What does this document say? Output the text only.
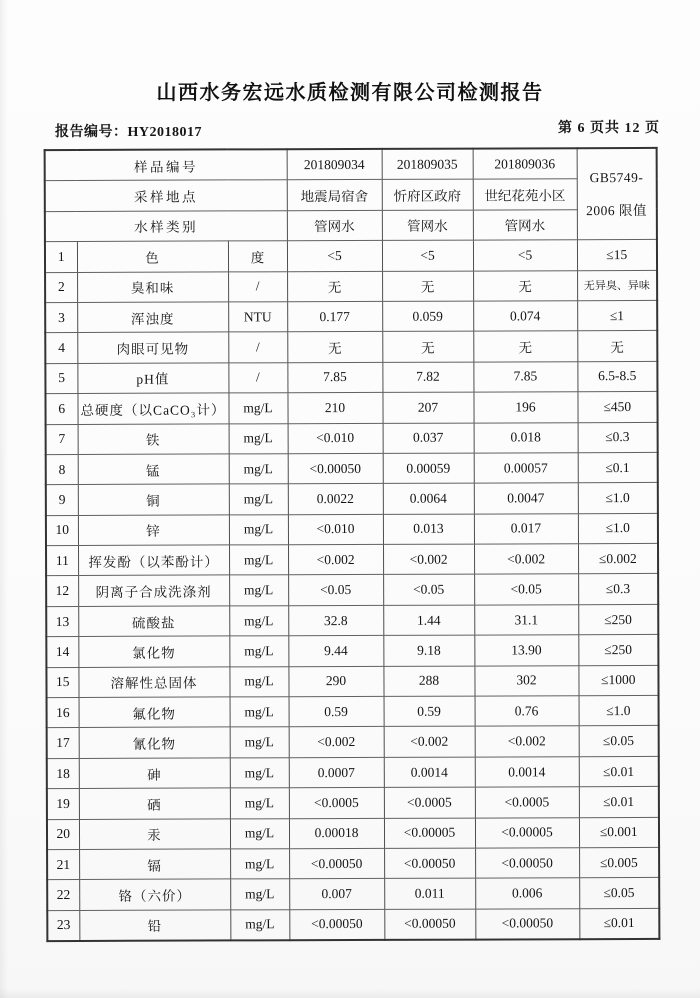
山西水务宏远水质检测有限公司检测报告
报告编号：HY2018017	第 6 页共 12 页
样品编号			201809034	201809035	201809036	GB5749-
2006 限值

采样地点			地震局宿舍	忻府区政府	世纪花苑小区	
水样类别			管网水	管网水	管网水	
1	色	度	<5	<5	<5	≤15
2	臭和味	/	无	无	无	无异臭、异味
3	浑浊度	NTU	0.177	0.059	0.074	≤1
4	肉眼可见物	/	无	无	无	无
5	pH值	/	7.85	7.82	7.85	6.5-8.5
6	总硬度（以CaCO₃计）	mg/L	210	207	196	≤450
7	铁	mg/L	<0.010	0.037	0.018	≤0.3
8	锰	mg/L	<0.00050	0.00059	0.00057	≤0.1
9	铜	mg/L	0.0022	0.0064	0.0047	≤1.0
10	锌	mg/L	<0.010	0.013	0.017	≤1.0
11	挥发酚（以苯酚计）	mg/L	<0.002	<0.002	<0.002	≤0.002
12	阴离子合成洗涤剂	mg/L	<0.05	<0.05	<0.05	≤0.3
13	硫酸盐	mg/L	32.8	1.44	31.1	≤250
14	氯化物	mg/L	9.44	9.18	13.90	≤250
15	溶解性总固体	mg/L	290	288	302	≤1000
16	氟化物	mg/L	0.59	0.59	0.76	≤1.0
17	氰化物	mg/L	<0.002	<0.002	<0.002	≤0.05
18	砷	mg/L	0.0007	0.0014	0.0014	≤0.01
19	硒	mg/L	<0.0005	<0.0005	<0.0005	≤0.01
20	汞	mg/L	0.00018	<0.00005	<0.00005	≤0.001
21	镉	mg/L	<0.00050	<0.00050	<0.00050	≤0.005
22	铬（六价）	mg/L	0.007	0.011	0.006	≤0.05
23	铅	mg/L	<0.00050	<0.00050	<0.00050	≤0.01
